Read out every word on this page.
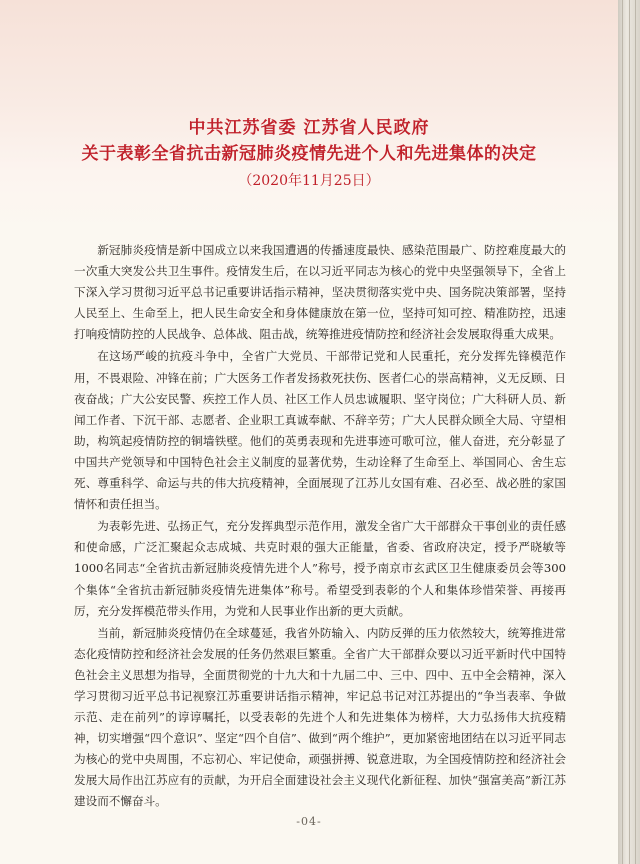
中共江苏省委 江苏省人民政府
关于表彰全省抗击新冠肺炎疫情先进个人和先进集体的决定
（2020年11月25日）

新冠肺炎疫情是新中国成立以来我国遭遇的传播速度最快、感染范围最广、防控难度最大的一次重大突发公共卫生事件。疫情发生后，在以习近平同志为核心的党中央坚强领导下，全省上下深入学习贯彻习近平总书记重要讲话指示精神，坚决贯彻落实党中央、国务院决策部署，坚持人民至上、生命至上，把人民生命安全和身体健康放在第一位，坚持可知可控、精准防控，迅速打响疫情防控的人民战争、总体战、阻击战，统筹推进疫情防控和经济社会发展取得重大成果。

在这场严峻的抗疫斗争中，全省广大党员、干部带记党和人民重托，充分发挥先锋模范作用，不畏艰险、冲锋在前；广大医务工作者发扬救死扶伤、医者仁心的崇高精神，义无反顾、日夜奋战；广大公安民警、疾控工作人员、社区工作人员忠诚履职、坚守岗位；广大科研人员、新闻工作者、下沉干部、志愿者、企业职工真诚奉献、不辞辛劳；广大人民群众顾全大局、守望相助，构筑起疫情防控的铜墙铁壁。他们的英勇表现和先进事迹可歌可泣，催人奋进，充分彰显了中国共产党领导和中国特色社会主义制度的显著优势，生动诠释了生命至上、举国同心、舍生忘死、尊重科学、命运与共的伟大抗疫精神，全面展现了江苏儿女国有难、召必至、战必胜的家国情怀和责任担当。

为表彰先进、弘扬正气，充分发挥典型示范作用，激发全省广大干部群众干事创业的责任感和使命感，广泛汇聚起众志成城、共克时艰的强大正能量，省委、省政府决定，授予严晓敏等1000名同志“全省抗击新冠肺炎疫情先进个人”称号，授予南京市玄武区卫生健康委员会等300个集体“全省抗击新冠肺炎疫情先进集体”称号。希望受到表彰的个人和集体珍惜荣誉、再接再厉，充分发挥模范带头作用，为党和人民事业作出新的更大贡献。

当前，新冠肺炎疫情仍在全球蔓延，我省外防输入、内防反弹的压力依然较大，统筹推进常态化疫情防控和经济社会发展的任务仍然艰巨繁重。全省广大干部群众要以习近平新时代中国特色社会主义思想为指导，全面贯彻党的十九大和十九届二中、三中、四中、五中全会精神，深入学习贯彻习近平总书记视察江苏重要讲话指示精神，牢记总书记对江苏提出的“争当表率、争做示范、走在前列”的谆谆嘱托，以受表彰的先进个人和先进集体为榜样，大力弘扬伟大抗疫精神，切实增强“四个意识”、坚定“四个自信”、做到“两个维护”，更加紧密地团结在以习近平同志为核心的党中央周围，不忘初心、牢记使命，顽强拼搏、锐意进取，为全国疫情防控和经济社会发展大局作出江苏应有的贡献，为开启全面建设社会主义现代化新征程、加快“强富美高”新江苏建设而不懈奋斗。

-04-
